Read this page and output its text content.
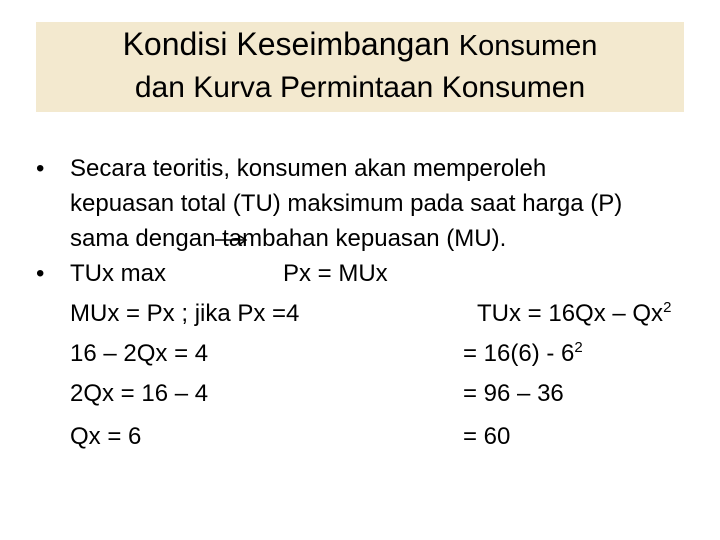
Kondisi Keseimbangan Konsumen
dan Kurva Permintaan Konsumen
• Secara teoritis, konsumen akan memperoleh
kepuasan total (TU) maksimum pada saat harga (P)
sama dengan tambahan kepuasan (MU).
• TUx max	Px = MUx
MUx = Px ; jika Px =4
16 – 2Qx = 4
2Qx = 16 – 4
Qx = 6
TUx = $16Qx - Qx^2$
= $16(6) - 6^2$
= 96 – 36
= 60
